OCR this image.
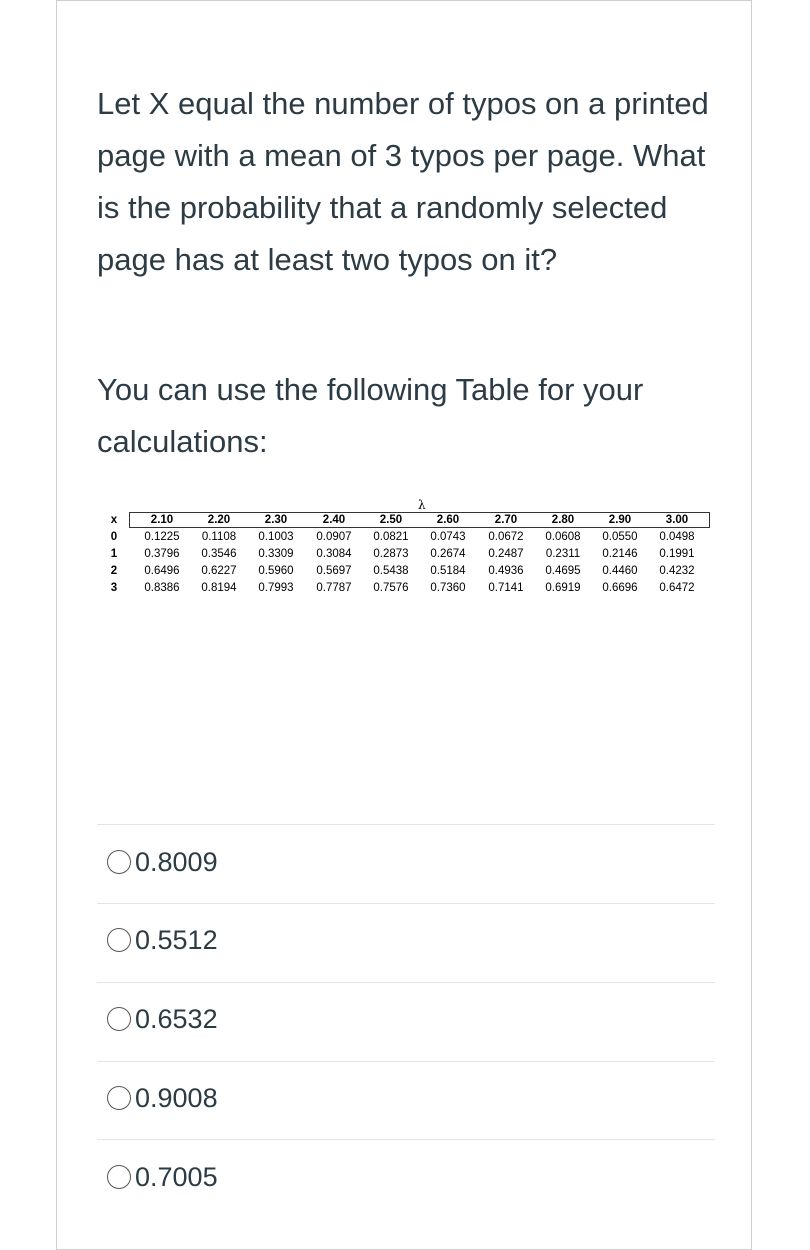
Let X equal the number of typos on a printed page with a mean of 3 typos per page. What is the probability that a randomly selected page has at least two typos on it?

You can use the following Table for your calculations:

λ
x	2.10	2.20	2.30	2.40	2.50	2.60	2.70	2.80	2.90	3.00
0	0.1225	0.1108	0.1003	0.0907	0.0821	0.0743	0.0672	0.0608	0.0550	0.0498
1	0.3796	0.3546	0.3309	0.3084	0.2873	0.2674	0.2487	0.2311	0.2146	0.1991
2	0.6496	0.6227	0.5960	0.5697	0.5438	0.5184	0.4936	0.4695	0.4460	0.4232
3	0.8386	0.8194	0.7993	0.7787	0.7576	0.7360	0.7141	0.6919	0.6696	0.6472
0.8009
0.5512
0.6532
0.9008
0.7005
